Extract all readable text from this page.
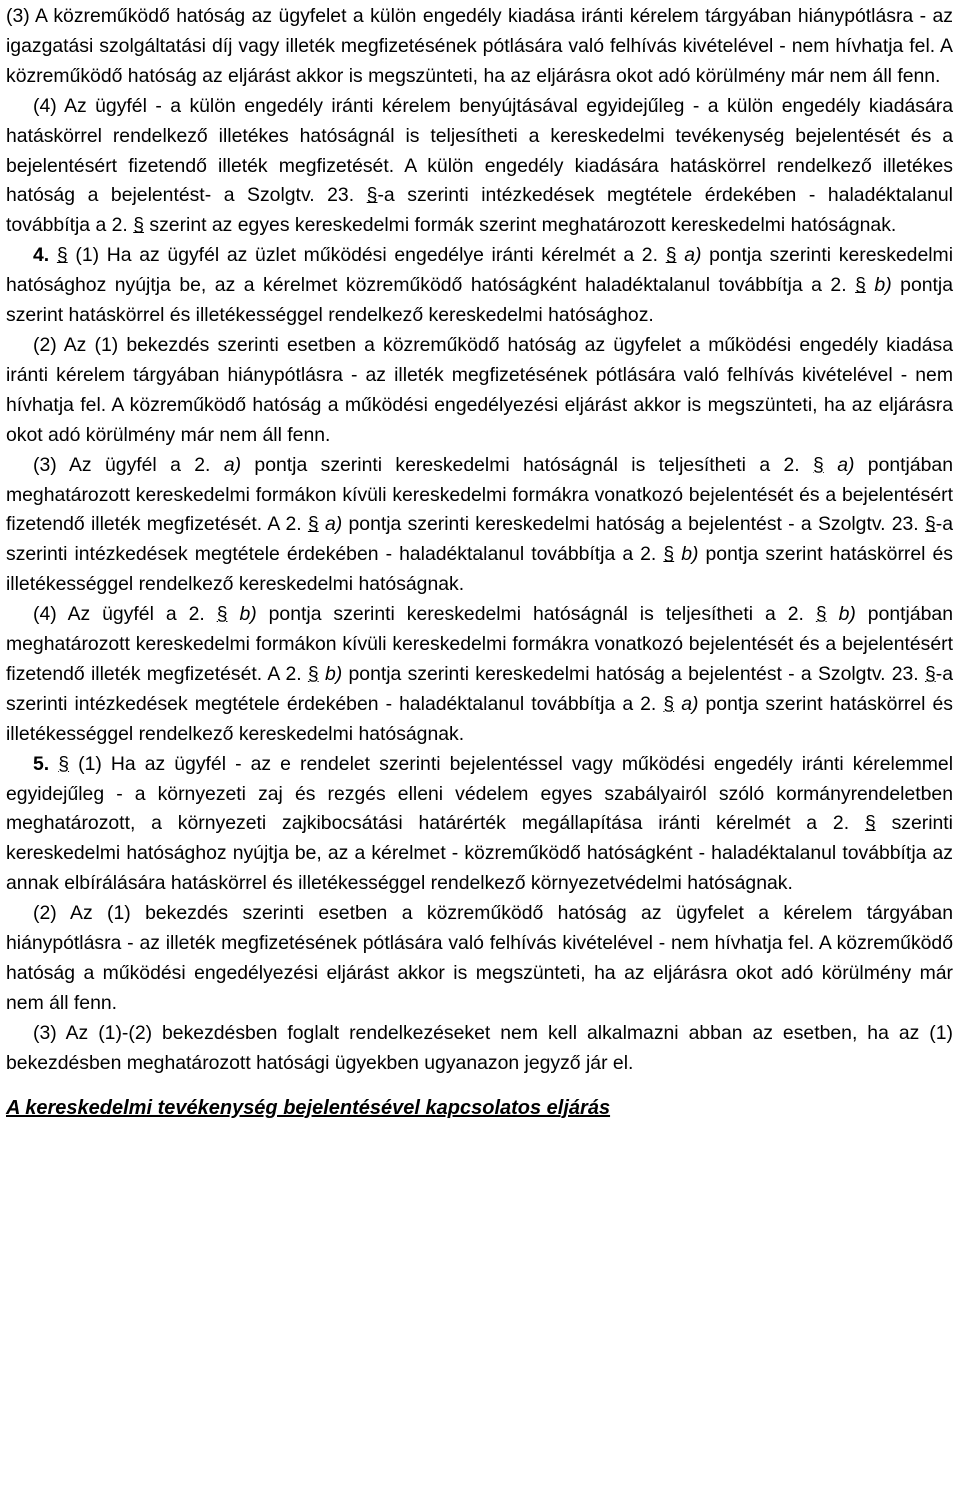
(3) A közreműködő hatóság az ügyfelet a külön engedély kiadása iránti kérelem tárgyában hiánypótlásra - az igazgatási szolgáltatási díj vagy illeték megfizetésének pótlására való felhívás kivételével - nem hívhatja fel. A közreműködő hatóság az eljárást akkor is megszünteti, ha az eljárásra okot adó körülmény már nem áll fenn.

(4) Az ügyfél - a külön engedély iránti kérelem benyújtásával egyidejűleg - a külön engedély kiadására hatáskörrel rendelkező illetékes hatóságnál is teljesítheti a kereskedelmi tevékenység bejelentését és a bejelentésért fizetendő illeték megfizetését. A külön engedély kiadására hatáskörrel rendelkező illetékes hatóság a bejelentést- a Szolgtv. 23. §-a szerinti intézkedések megtétele érdekében - haladéktalanul továbbítja a 2. § szerint az egyes kereskedelmi formák szerint meghatározott kereskedelmi hatóságnak.

4. § (1) Ha az ügyfél az üzlet működési engedélye iránti kérelmét a 2. § a) pontja szerinti kereskedelmi hatósághoz nyújtja be, az a kérelmet közreműködő hatóságként haladéktalanul továbbítja a 2. § b) pontja szerint hatáskörrel és illetékességgel rendelkező kereskedelmi hatósághoz.

(2) Az (1) bekezdés szerinti esetben a közreműködő hatóság az ügyfelet a működési engedély kiadása iránti kérelem tárgyában hiánypótlásra - az illeték megfizetésének pótlására való felhívás kivételével - nem hívhatja fel. A közreműködő hatóság a működési engedélyezési eljárást akkor is megszünteti, ha az eljárásra okot adó körülmény már nem áll fenn.

(3) Az ügyfél a 2. a) pontja szerinti kereskedelmi hatóságnál is teljesítheti a 2. § a) pontjában meghatározott kereskedelmi formákon kívüli kereskedelmi formákra vonatkozó bejelentését és a bejelentésért fizetendő illeték megfizetését. A 2. § a) pontja szerinti kereskedelmi hatóság a bejelentést - a Szolgtv. 23. §-a szerinti intézkedések megtétele érdekében - haladéktalanul továbbítja a 2. § b) pontja szerint hatáskörrel és illetékességgel rendelkező kereskedelmi hatóságnak.

(4) Az ügyfél a 2. § b) pontja szerinti kereskedelmi hatóságnál is teljesítheti a 2. § b) pontjában meghatározott kereskedelmi formákon kívüli kereskedelmi formákra vonatkozó bejelentését és a bejelentésért fizetendő illeték megfizetését. A 2. § b) pontja szerinti kereskedelmi hatóság a bejelentést - a Szolgtv. 23. §-a szerinti intézkedések megtétele érdekében - haladéktalanul továbbítja a 2. § a) pontja szerint hatáskörrel és illetékességgel rendelkező kereskedelmi hatóságnak.

5. § (1) Ha az ügyfél - az e rendelet szerinti bejelentéssel vagy működési engedély iránti kérelemmel egyidejűleg - a környezeti zaj és rezgés elleni védelem egyes szabályairól szóló kormányrendeletben meghatározott, a környezeti zajkibocsátási határérték megállapítása iránti kérelmét a 2. § szerinti kereskedelmi hatósághoz nyújtja be, az a kérelmet - közreműködő hatóságként - haladéktalanul továbbítja az annak elbírálására hatáskörrel és illetékességgel rendelkező környezetvédelmi hatóságnak.

(2) Az (1) bekezdés szerinti esetben a közreműködő hatóság az ügyfelet a kérelem tárgyában hiánypótlásra - az illeték megfizetésének pótlására való felhívás kivételével - nem hívhatja fel. A közreműködő hatóság a működési engedélyezési eljárást akkor is megszünteti, ha az eljárásra okot adó körülmény már nem áll fenn.

(3) Az (1)-(2) bekezdésben foglalt rendelkezéseket nem kell alkalmazni abban az esetben, ha az (1) bekezdésben meghatározott hatósági ügyekben ugyanazon jegyző jár el.

A kereskedelmi tevékenység bejelentésével kapcsolatos eljárás
